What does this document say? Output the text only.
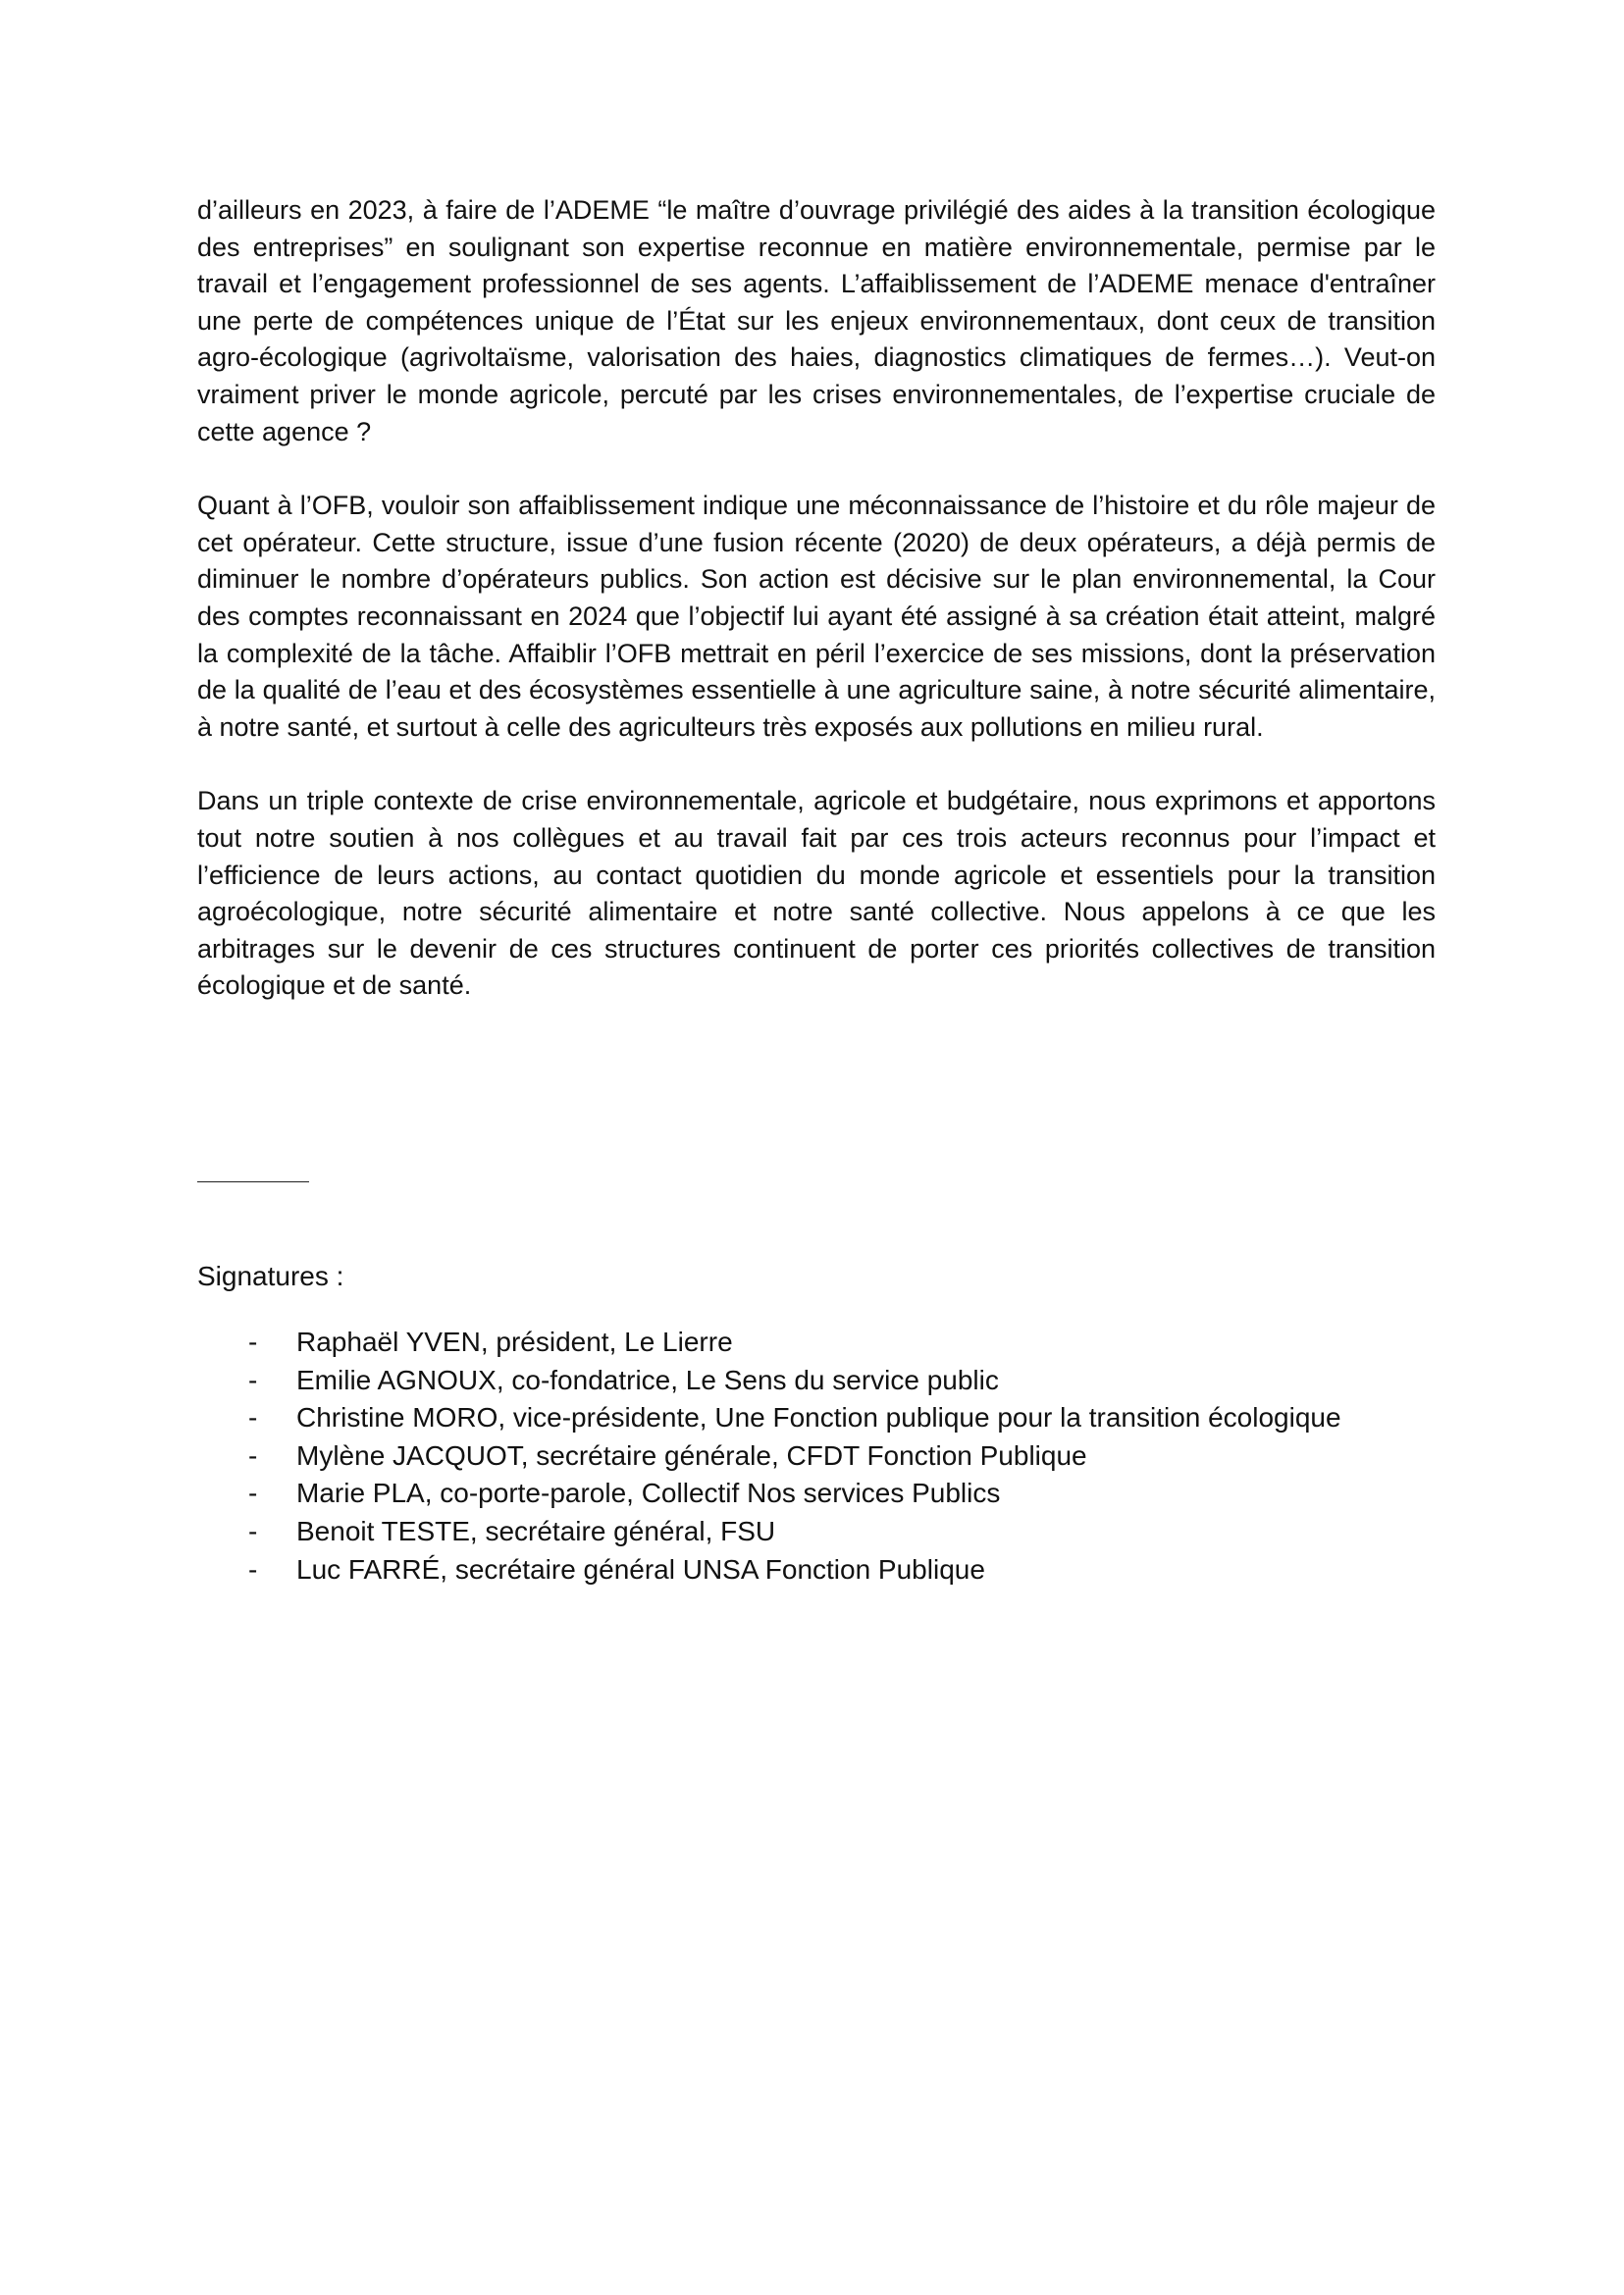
d’ailleurs en 2023, à faire de l’ADEME “le maître d’ouvrage privilégié des aides à la transition écologique des entreprises” en soulignant son expertise reconnue en matière environnementale, permise par le travail et l’engagement professionnel de ses agents. L’affaiblissement de l’ADEME menace d'entraîner une perte de compétences unique de l’État sur les enjeux environnementaux, dont ceux de transition agro-écologique (agrivoltaïsme, valorisation des haies, diagnostics climatiques de fermes…). Veut-on vraiment priver le monde agricole, percuté par les crises environnementales, de l’expertise cruciale de cette agence ?

Quant à l’OFB, vouloir son affaiblissement indique une méconnaissance de l’histoire et du rôle majeur de cet opérateur. Cette structure, issue d’une fusion récente (2020) de deux opérateurs, a déjà permis de diminuer le nombre d’opérateurs publics. Son action est décisive sur le plan environnemental, la Cour des comptes reconnaissant en 2024 que l’objectif lui ayant été assigné à sa création était atteint, malgré la complexité de la tâche. Affaiblir l’OFB mettrait en péril l’exercice de ses missions, dont la préservation de la qualité de l’eau et des écosystèmes essentielle à une agriculture saine, à notre sécurité alimentaire, à notre santé, et surtout à celle des agriculteurs très exposés aux pollutions en milieu rural.

Dans un triple contexte de crise environnementale, agricole et budgétaire, nous exprimons et apportons tout notre soutien à nos collègues et au travail fait par ces trois acteurs reconnus pour l’impact et l’efficience de leurs actions, au contact quotidien du monde agricole et essentiels pour la transition agroécologique, notre sécurité alimentaire et notre santé collective. Nous appelons à ce que les arbitrages sur le devenir de ces structures continuent de porter ces priorités collectives de transition écologique et de santé.

Signatures :

- Raphaël YVEN, président, Le Lierre
- Emilie AGNOUX, co-fondatrice, Le Sens du service public
- Christine MORO, vice-présidente, Une Fonction publique pour la transition écologique
- Mylène JACQUOT, secrétaire générale, CFDT Fonction Publique
- Marie PLA, co-porte-parole, Collectif Nos services Publics
- Benoit TESTE, secrétaire général, FSU
- Luc FARRÉ, secrétaire général UNSA Fonction Publique
